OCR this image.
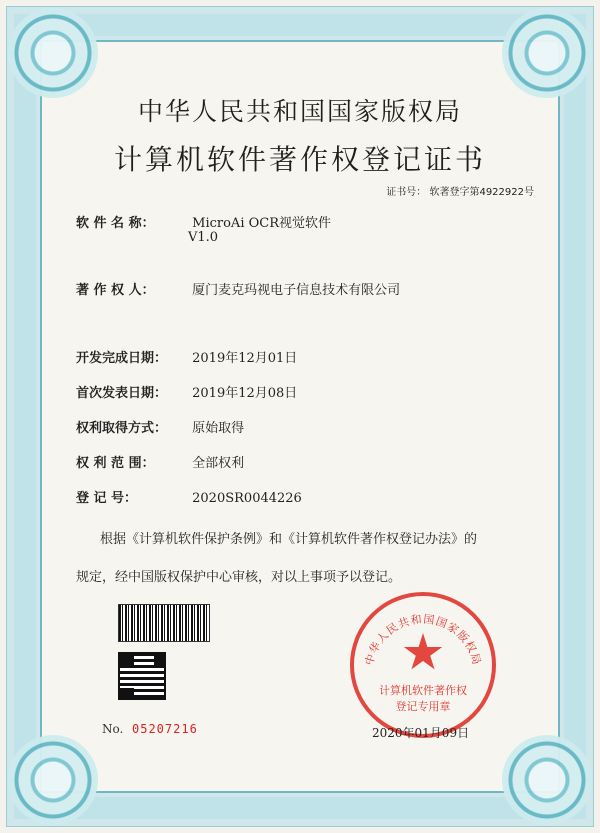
中华人民共和国国家版权局
计算机软件著作权登记证书
证书号： 软著登字第4922922号
软 件 名 称：	MicroAi OCR视觉软件
V1.0
著 作 权 人：	厦门麦克玛视电子信息技术有限公司
开发完成日期： 2019年12月01日
首次发表日期： 2019年12月08日
权利取得方式： 原始取得
权 利 范 围：	全部权利
登 记 号：	2020SR0044226
根据《计算机软件保护条例》和《计算机软件著作权登记办法》的
规定，经中国版权保护中心审核，对以上事项予以登记。
No. 05207216
中华人民共和国国家版权局
计算机软件著作权
登记专用章
2020年01月09日
